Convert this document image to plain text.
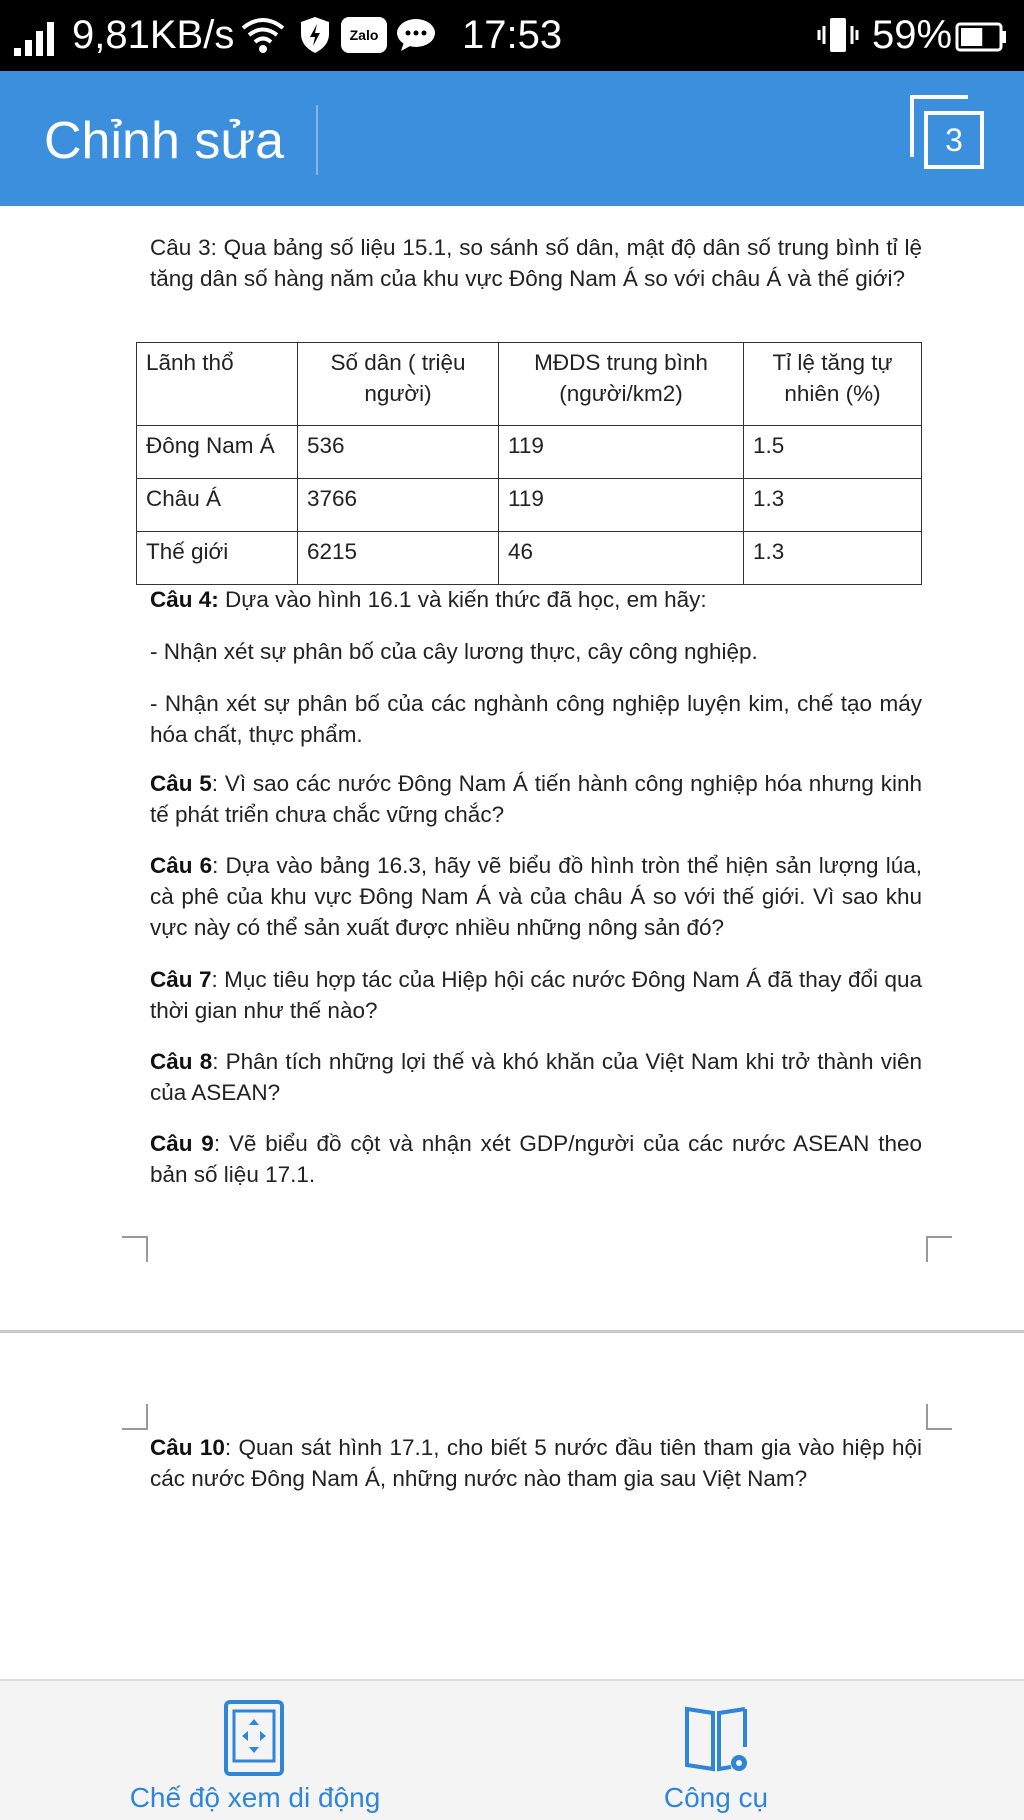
9,81KB/s	Zalo 17:53	59%
Chỉnh sửa	3
Câu 3: Qua bảng số liệu 15.1, so sánh số dân, mật độ dân số trung bình tỉ lệ tăng dân số hàng năm của khu vực Đông Nam Á so với châu Á và thế giới?
Lãnh thổ	Số dân ( triệu người)	MĐDS trung bình (người/km2)	Tỉ lệ tăng tự nhiên (%)
Đông Nam Á	536	119	1.5
Châu Á	3766	119	1.3
Thế giới	6215	46	1.3
Câu 4: Dựa vào hình 16.1 và kiến thức đã học, em hãy:
- Nhận xét sự phân bố của cây lương thực, cây công nghiệp.
- Nhận xét sự phân bố của các nghành công nghiệp luyện kim, chế tạo máy hóa chất, thực phẩm.
Câu 5: Vì sao các nước Đông Nam Á tiến hành công nghiệp hóa nhưng kinh tế phát triển chưa chắc vững chắc?
Câu 6: Dựa vào bảng 16.3, hãy vẽ biểu đồ hình tròn thể hiện sản lượng lúa, cà phê của khu vực Đông Nam Á và của châu Á so với thế giới. Vì sao khu vực này có thể sản xuất được nhiều những nông sản đó?
Câu 7: Mục tiêu hợp tác của Hiệp hội các nước Đông Nam Á đã thay đổi qua thời gian như thế nào?
Câu 8: Phân tích những lợi thế và khó khăn của Việt Nam khi trở thành viên của ASEAN?
Câu 9: Vẽ biểu đồ cột và nhận xét GDP/người của các nước ASEAN theo bản số liệu 17.1.
Câu 10: Quan sát hình 17.1, cho biết 5 nước đầu tiên tham gia vào hiệp hội các nước Đông Nam Á, những nước nào tham gia sau Việt Nam?
Chế độ xem di động	Công cụ
